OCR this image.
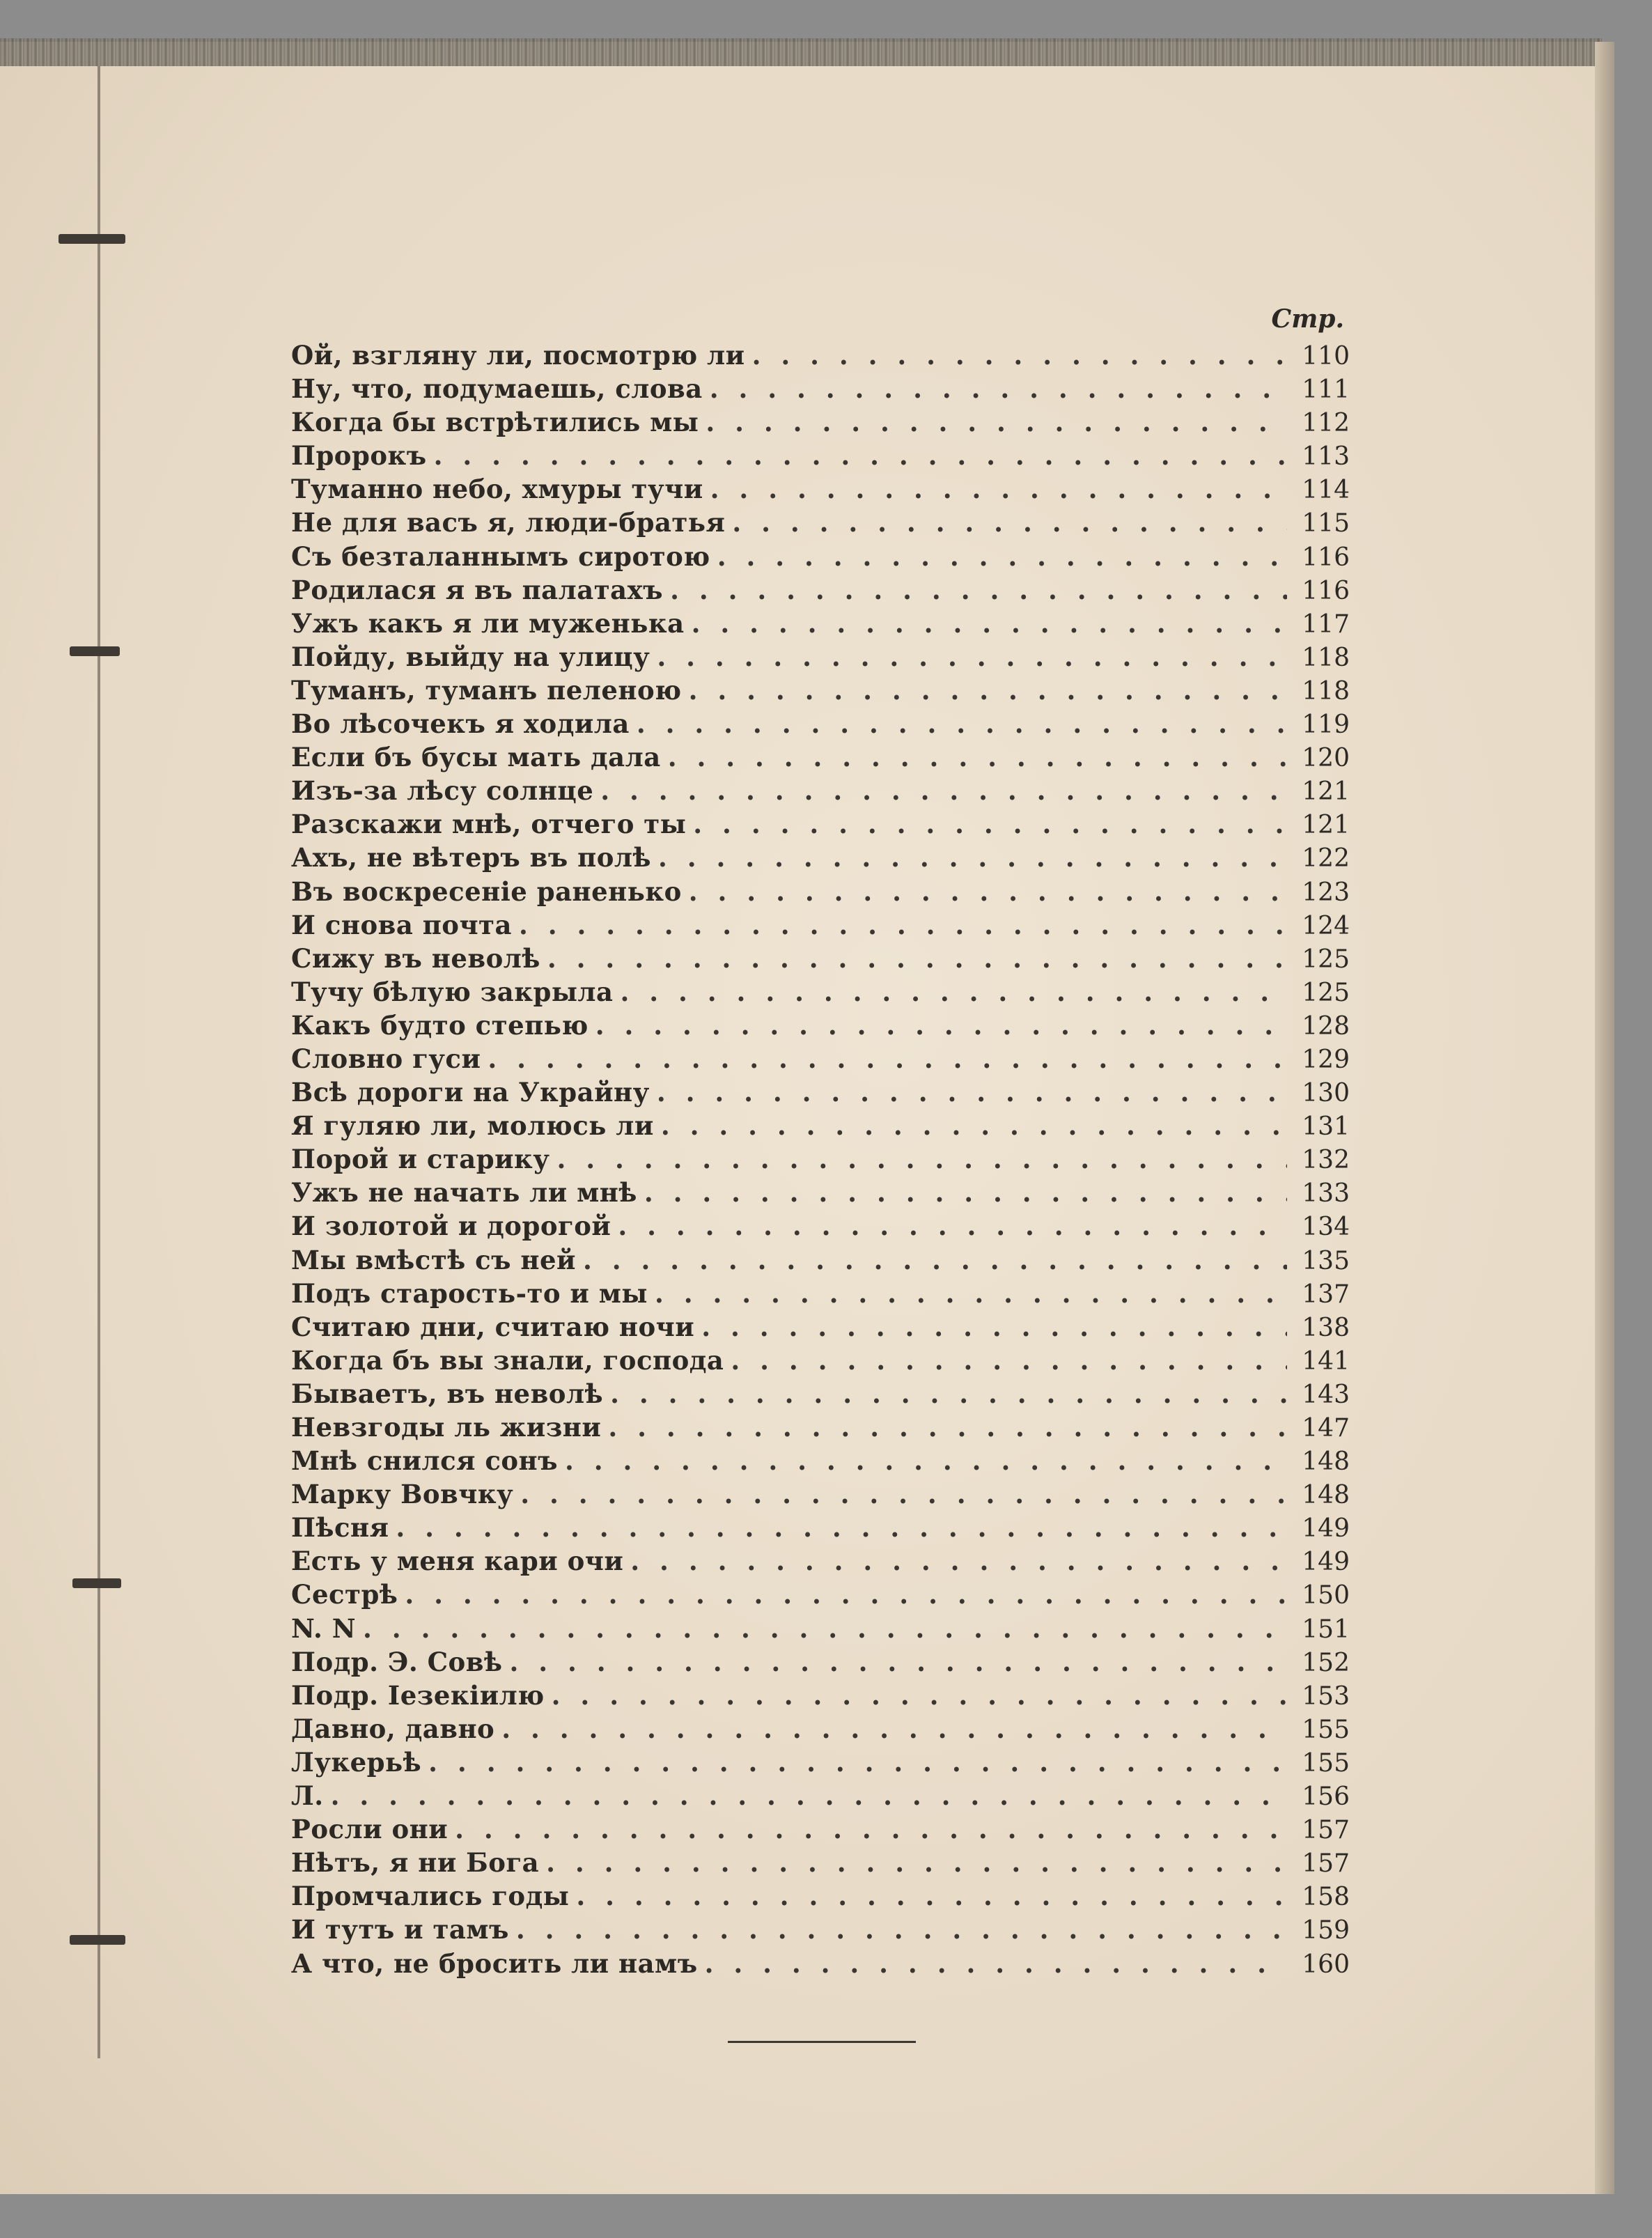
Стр.
Ой, взгляну ли, посмотрю ли . . .	110
Ну, что, подумаешь, слова . . .	111
Когда бы встрѣтились мы . . .	112
Пророкъ . . .	113
Туманно небо, хмуры тучи . . .	114
Не для васъ я, люди-братья . . .	115
Съ безталаннымъ сиротою . . .	116
Родилася я въ палатахъ . . .	116
Ужъ какъ я ли муженька . . .	117
Пойду, выйду на улицу . . .	118
Туманъ, туманъ пеленою . . .	118
Во лѣсочекъ я ходила . . .	119
Если бъ бусы мать дала . . .	120
Изъ-за лѣсу солнце . . .	121
Разскажи мнѣ, отчего ты . . .	121
Ахъ, не вѣтеръ въ полѣ . . .	122
Въ воскресеніе раненько . . .	123
И снова почта . . .	124
Сижу въ неволѣ . . .	125
Тучу бѣлую закрыла . . .	125
Какъ будто степью . . .	128
Словно гуси . . .	129
Всѣ дороги на Украйну . . .	130
Я гуляю ли, молюсь ли . . .	131
Порой и старику . . .	132
Ужъ не начать ли мнѣ . . .	133
И золотой и дорогой . . .	134
Мы вмѣстѣ съ ней . . .	135
Подъ старость-то и мы . . .	137
Считаю дни, считаю ночи . . .	138
Когда бъ вы знали, господа . . .	141
Бываетъ, въ неволѣ . . .	143
Невзгоды ль жизни . . .	147
Мнѣ снился сонъ . . .	148
Марку Вовчку . . .	148
Пѣсня . . .	149
Есть у меня кари очи . . .	149
Сестрѣ . . .	150
N. N . . .	151
Подр. Э. Совѣ . . .	152
Подр. Iезекiилю . . .	153
Давно, давно . . .	155
Лукерьѣ . . .	155
Л. . . .	156
Росли они . . .	157
Нѣтъ, я ни Бога . . .	157
Промчались годы . . .	158
И тутъ и тамъ . . .	159
А что, не бросить ли намъ . . .	160
